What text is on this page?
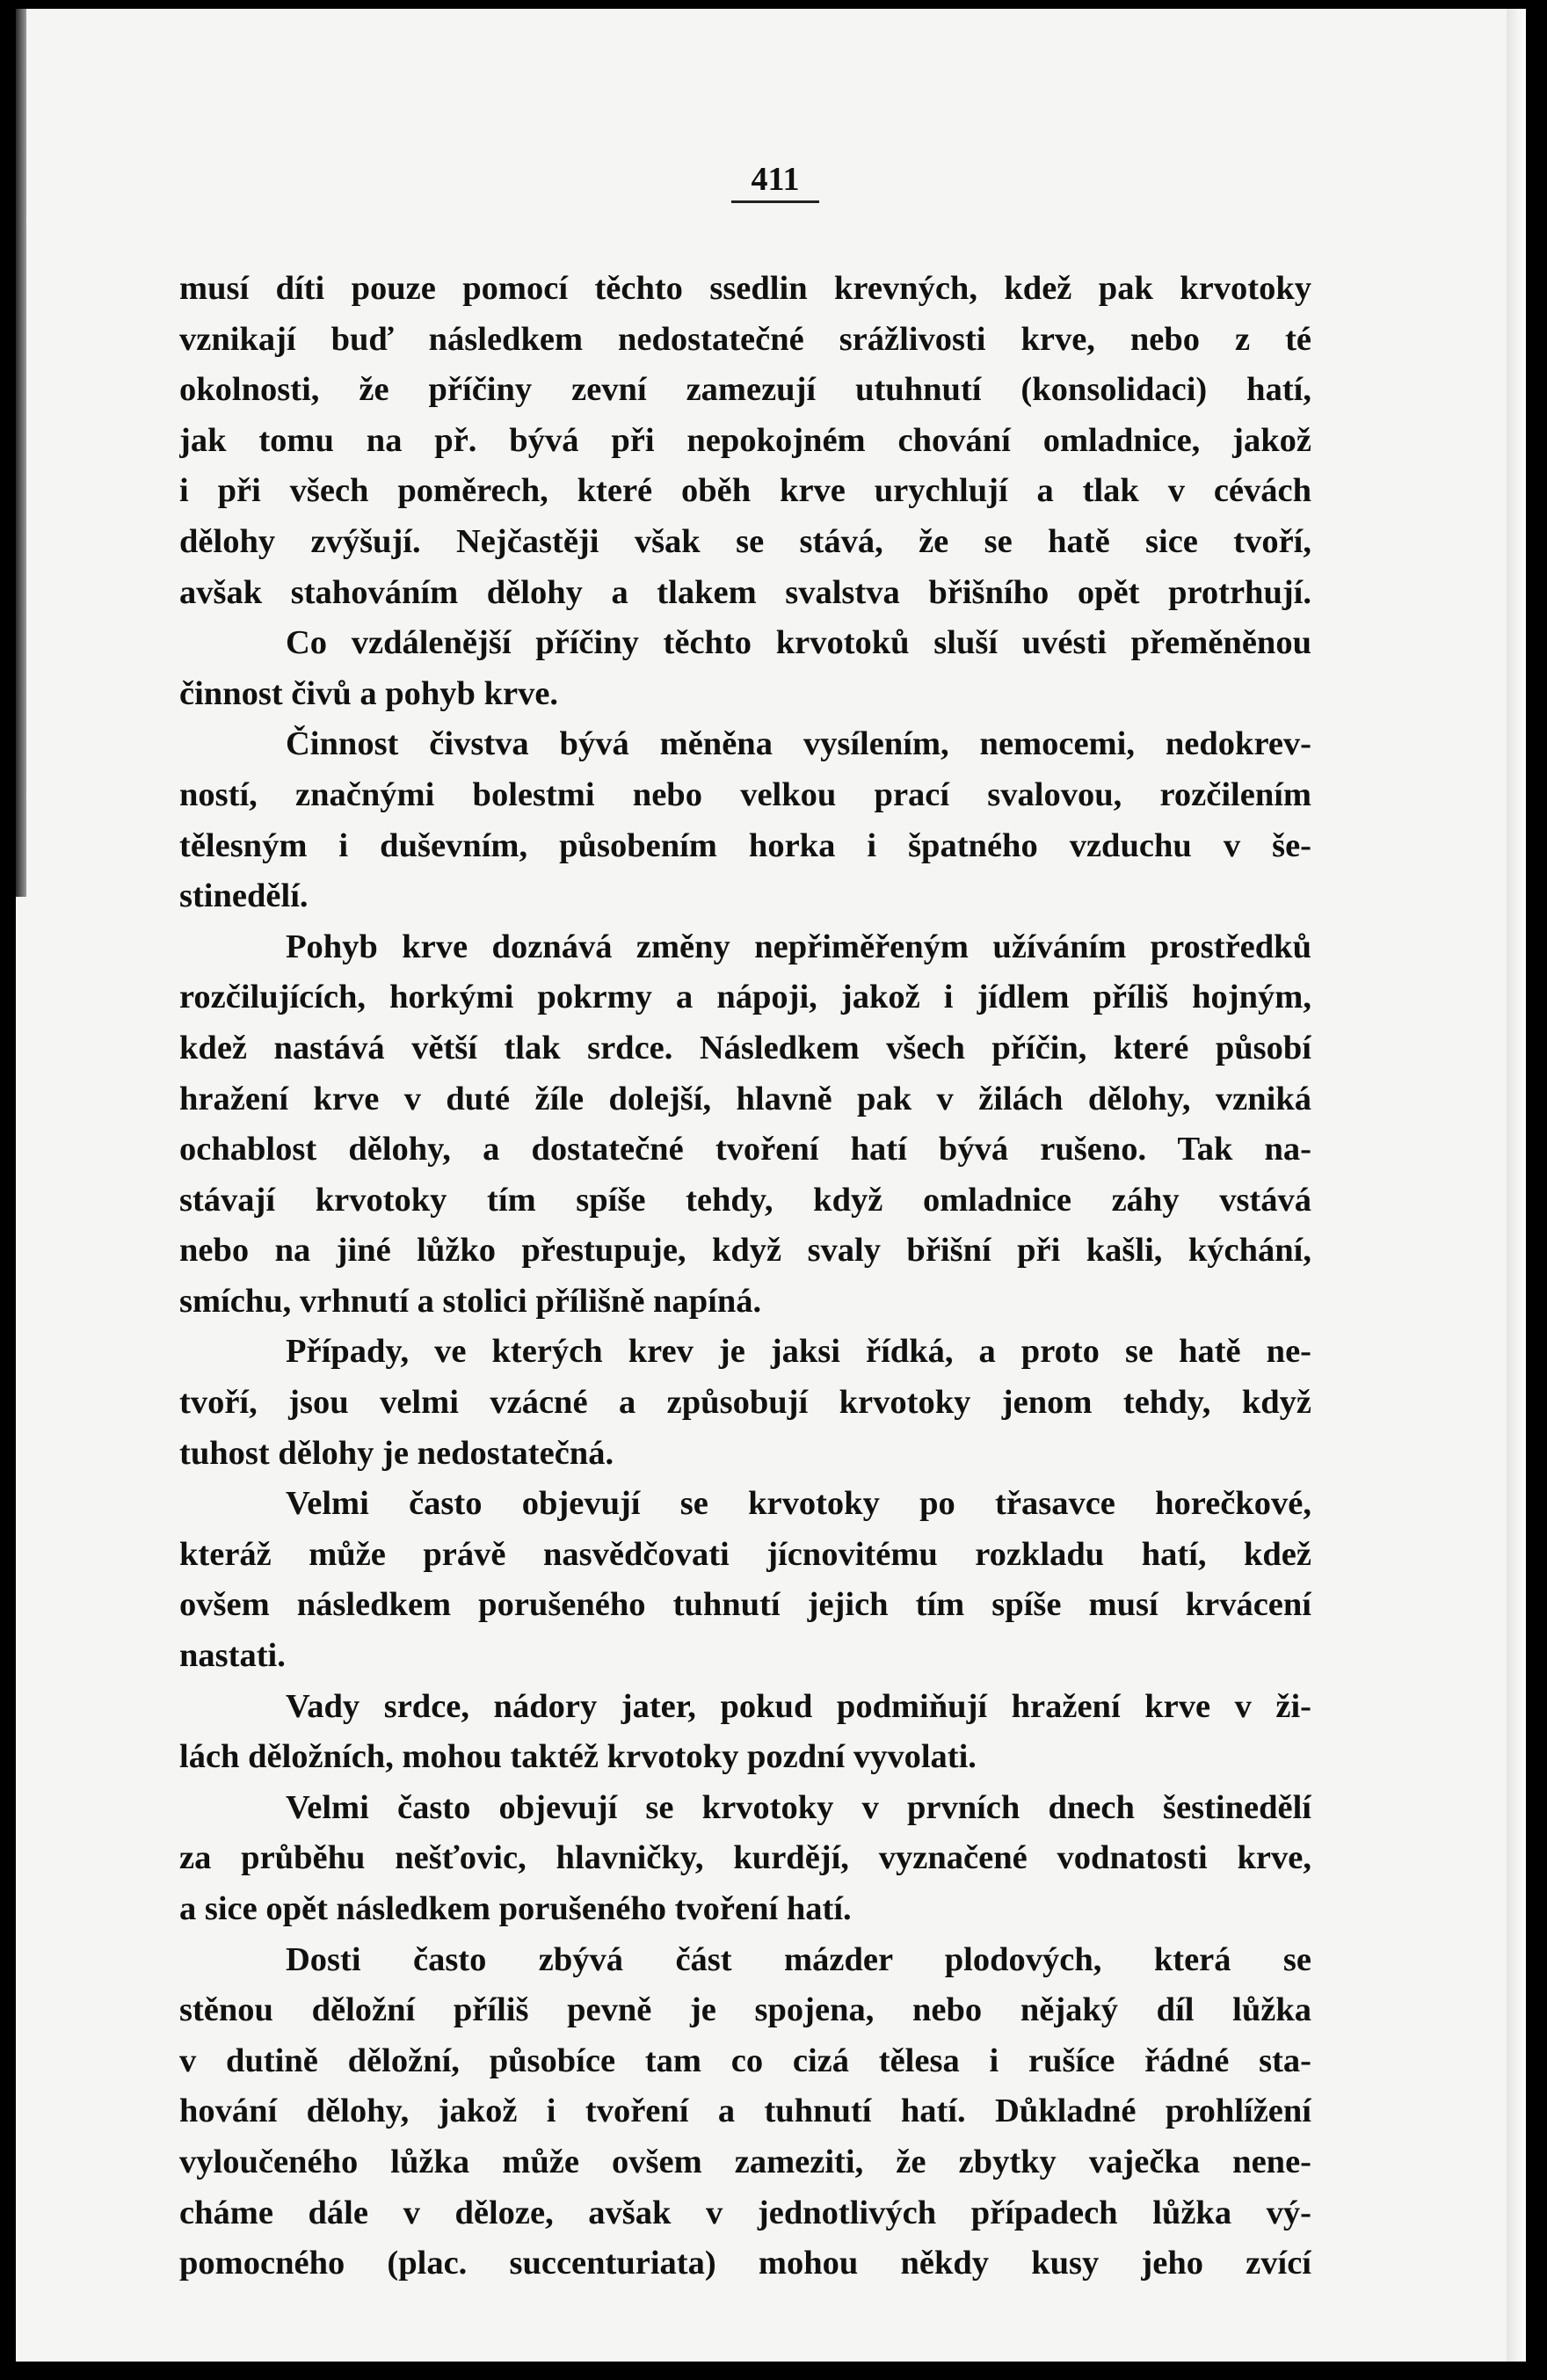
411
musí díti pouze pomocí těchto ssedlin krevných, kdež pak krvotoky
vznikají buď následkem nedostatečné srážlivosti krve, nebo z té
okolnosti, že příčiny zevní zamezují utuhnutí (konsolidaci) hatí,
jak tomu na př. bývá při nepokojném chování omladnice, jakož
i při všech poměrech, které oběh krve urychlují a tlak v cévách
dělohy zvýšují. Nejčastěji však se stává, že se hatě sice tvoří,
avšak stahováním dělohy a tlakem svalstva břišního opět protrhují.
Co vzdálenější příčiny těchto krvotoků sluší uvésti přeměněnou
činnost čivů a pohyb krve.
Činnost čivstva bývá měněna vysílením, nemocemi, nedokrev-
ností, značnými bolestmi nebo velkou prací svalovou, rozčilením
tělesným i duševním, působením horka i špatného vzduchu v še-
stinedělí.
Pohyb krve doznává změny nepřiměřeným užíváním prostředků
rozčilujících, horkými pokrmy a nápoji, jakož i jídlem příliš hojným,
kdež nastává větší tlak srdce. Následkem všech příčin, které působí
hražení krve v duté žíle dolejší, hlavně pak v žilách dělohy, vzniká
ochablost dělohy, a dostatečné tvoření hatí bývá rušeno. Tak na-
stávají krvotoky tím spíše tehdy, když omladnice záhy vstává
nebo na jiné lůžko přestupuje, když svaly břišní při kašli, kýchání,
smíchu, vrhnutí a stolici přílišně napíná.
Případy, ve kterých krev je jaksi řídká, a proto se hatě ne-
tvoří, jsou velmi vzácné a způsobují krvotoky jenom tehdy, když
tuhost dělohy je nedostatečná.
Velmi často objevují se krvotoky po třasavce horečkové,
kteráž může právě nasvědčovati jícnovitému rozkladu hatí, kdež
ovšem následkem porušeného tuhnutí jejich tím spíše musí krvácení
nastati.
Vady srdce, nádory jater, pokud podmiňují hražení krve v ži-
lách děložních, mohou taktéž krvotoky pozdní vyvolati.
Velmi často objevují se krvotoky v prvních dnech šestinedělí
za průběhu nešťovic, hlavničky, kurdějí, vyznačené vodnatosti krve,
a sice opět následkem porušeného tvoření hatí.
Dosti často zbývá část mázder plodových, která se
stěnou děložní příliš pevně je spojena, nebo nějaký díl lůžka
v dutině děložní, působíce tam co cizá tělesa i rušíce řádné sta-
hování dělohy, jakož i tvoření a tuhnutí hatí. Důkladné prohlížení
vyloučeného lůžka může ovšem zameziti, že zbytky vaječka nene-
cháme dále v děloze, avšak v jednotlivých případech lůžka vý-
pomocného (plac. succenturiata) mohou někdy kusy jeho zvící
